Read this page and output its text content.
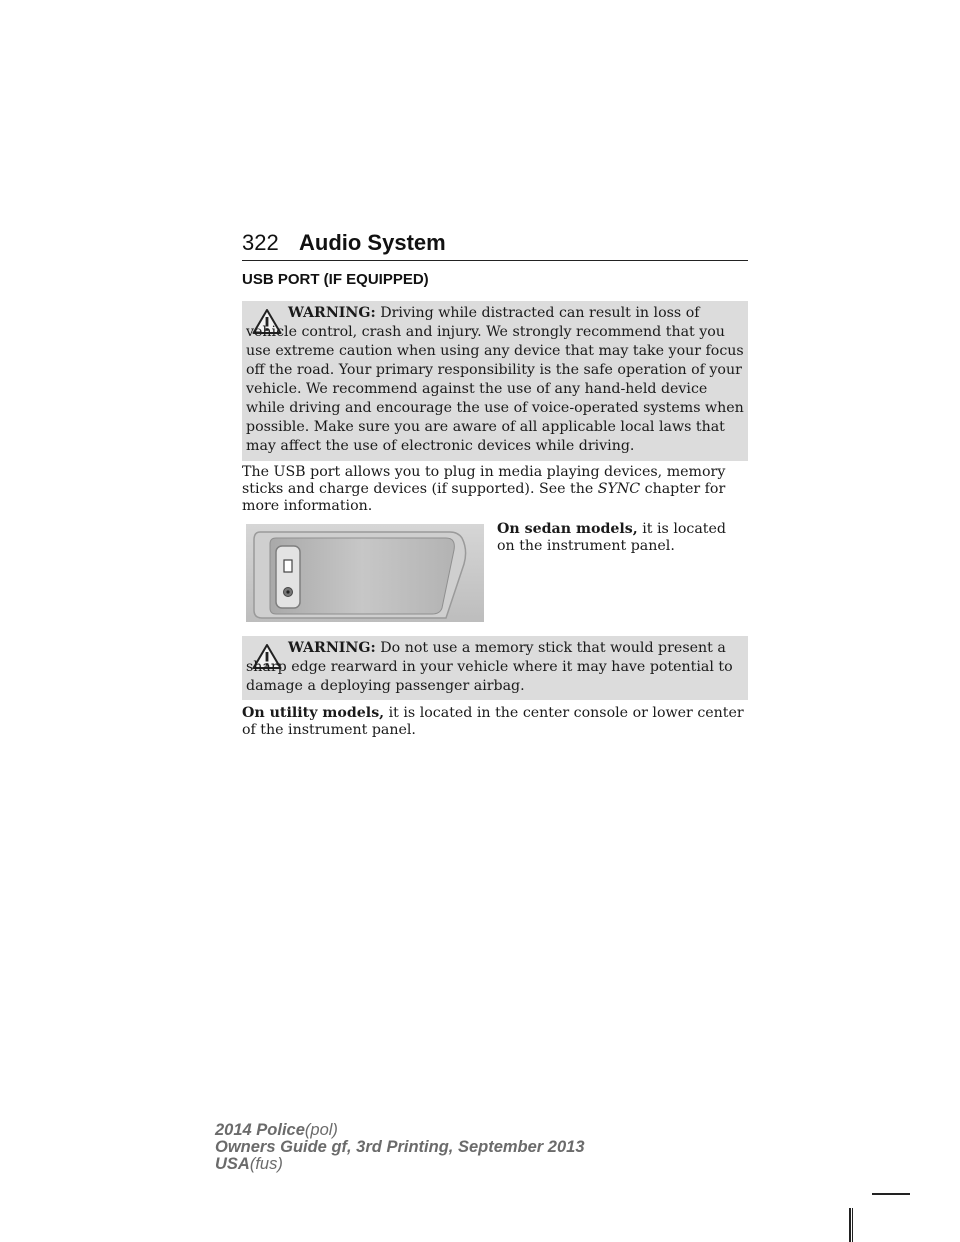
322 Audio System
USB PORT (IF EQUIPPED)
WARNING: Driving while distracted can result in loss of vehicle control, crash and injury. We strongly recommend that you use extreme caution when using any device that may take your focus off the road. Your primary responsibility is the safe operation of your vehicle. We recommend against the use of any hand-held device while driving and encourage the use of voice-operated systems when possible. Make sure you are aware of all applicable local laws that may affect the use of electronic devices while driving.
The USB port allows you to plug in media playing devices, memory sticks and charge devices (if supported). See the SYNC chapter for more information.
On sedan models, it is located on the instrument panel.
WARNING: Do not use a memory stick that would present a sharp edge rearward in your vehicle where it may have potential to damage a deploying passenger airbag.
On utility models, it is located in the center console or lower center of the instrument panel.
2014 Police(pol)
Owners Guide gf, 3rd Printing, September 2013
USA(fus)
